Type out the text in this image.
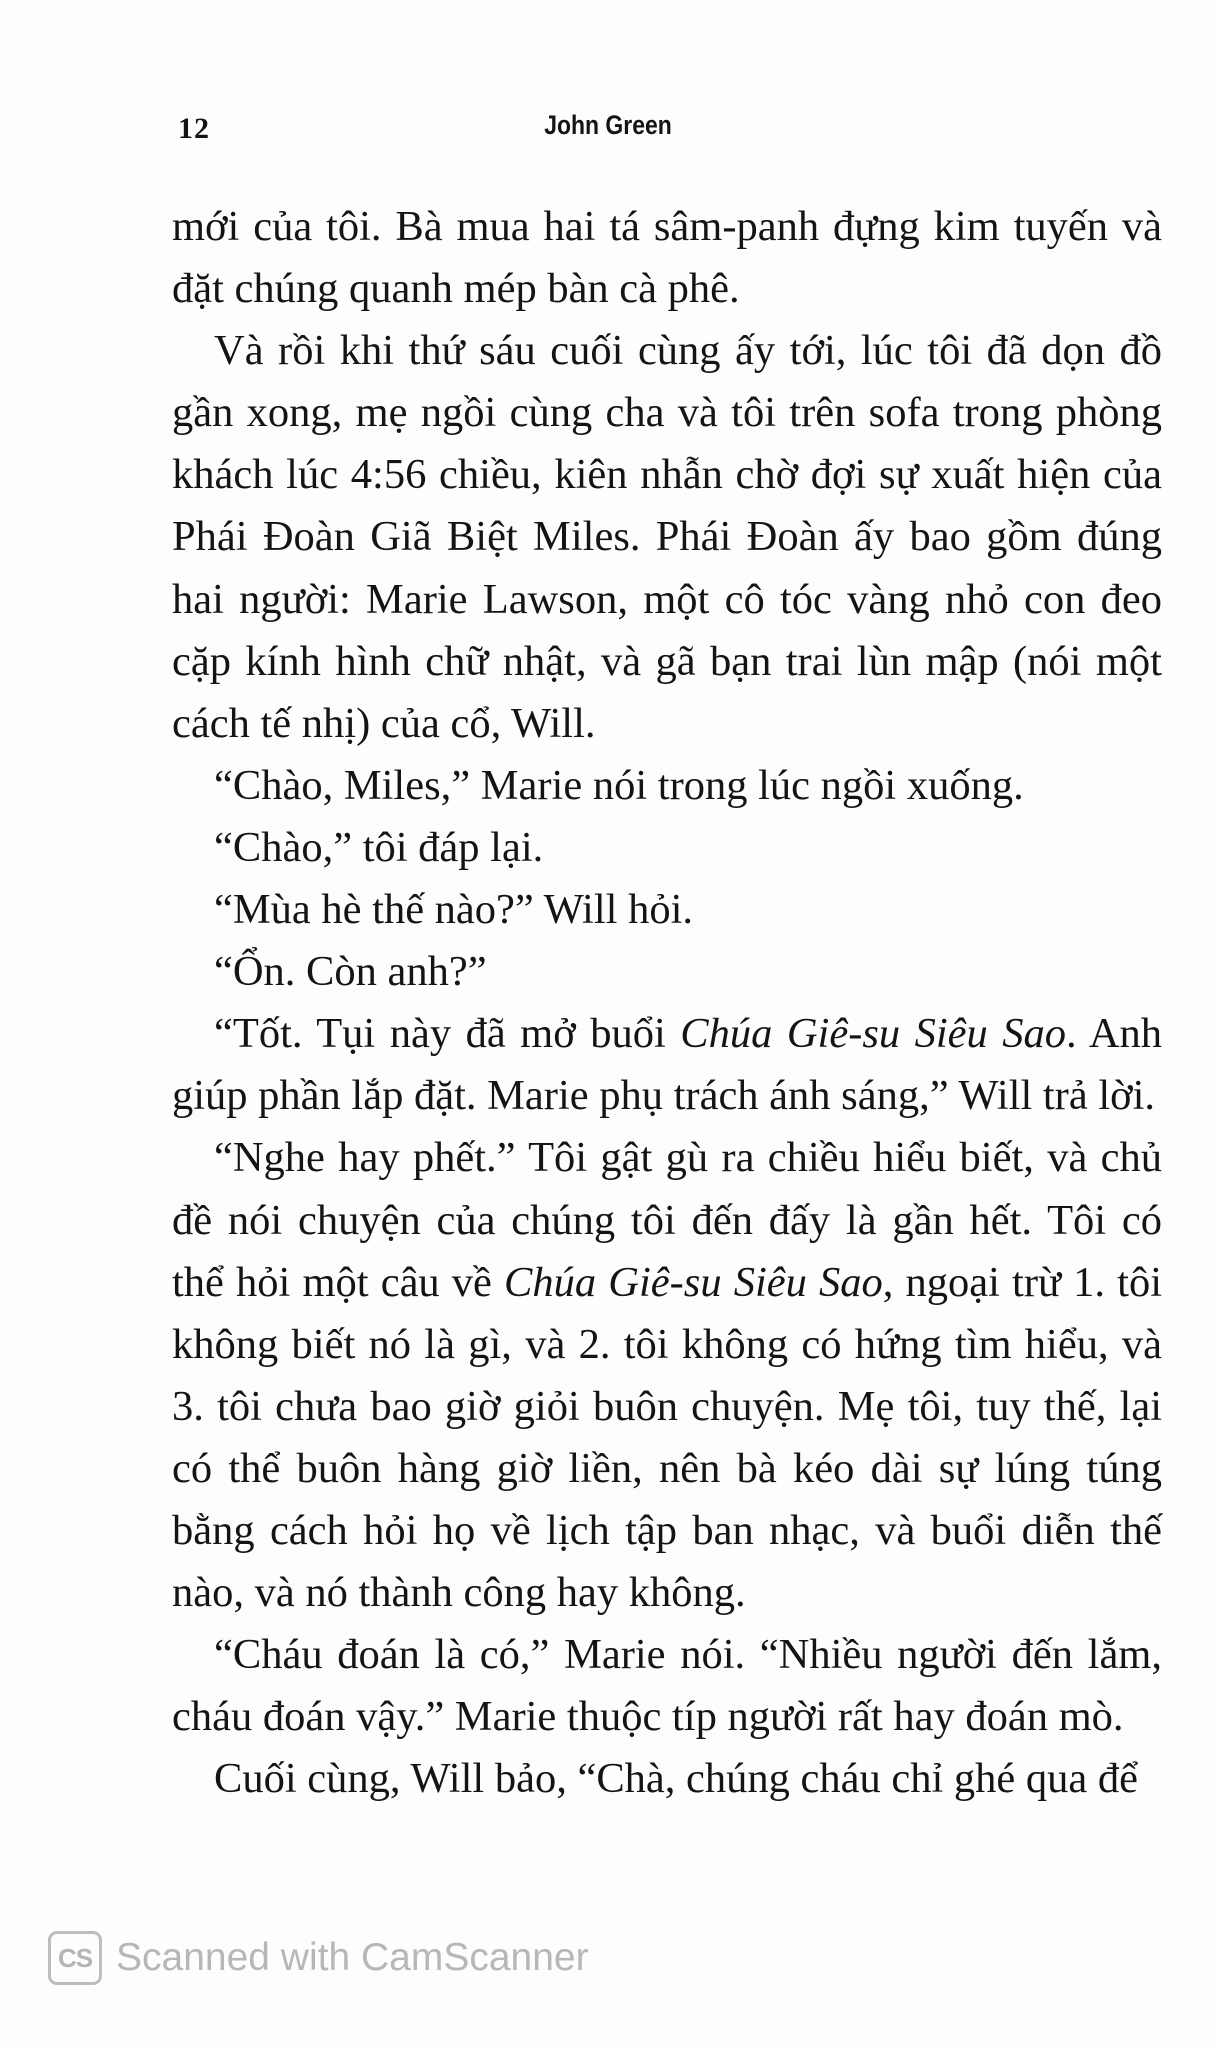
12	John Green

mới của tôi. Bà mua hai tá sâm-panh đựng kim tuyến và đặt chúng quanh mép bàn cà phê.

Và rồi khi thứ sáu cuối cùng ấy tới, lúc tôi đã dọn đồ gần xong, mẹ ngồi cùng cha và tôi trên sofa trong phòng khách lúc 4:56 chiều, kiên nhẫn chờ đợi sự xuất hiện của Phái Đoàn Giã Biệt Miles. Phái Đoàn ấy bao gồm đúng hai người: Marie Lawson, một cô tóc vàng nhỏ con đeo cặp kính hình chữ nhật, và gã bạn trai lùn mập (nói một cách tế nhị) của cổ, Will.

“Chào, Miles,” Marie nói trong lúc ngồi xuống.

“Chào,” tôi đáp lại.

“Mùa hè thế nào?” Will hỏi.

“Ổn. Còn anh?”

“Tốt. Tụi này đã mở buổi Chúa Giê-su Siêu Sao. Anh giúp phần lắp đặt. Marie phụ trách ánh sáng,” Will trả lời.

“Nghe hay phết.” Tôi gật gù ra chiều hiểu biết, và chủ đề nói chuyện của chúng tôi đến đấy là gần hết. Tôi có thể hỏi một câu về Chúa Giê-su Siêu Sao, ngoại trừ 1. tôi không biết nó là gì, và 2. tôi không có hứng tìm hiểu, và 3. tôi chưa bao giờ giỏi buôn chuyện. Mẹ tôi, tuy thế, lại có thể buôn hàng giờ liền, nên bà kéo dài sự lúng túng bằng cách hỏi họ về lịch tập ban nhạc, và buổi diễn thế nào, và nó thành công hay không.

“Cháu đoán là có,” Marie nói. “Nhiều người đến lắm, cháu đoán vậy.” Marie thuộc típ người rất hay đoán mò.

Cuối cùng, Will bảo, “Chà, chúng cháu chỉ ghé qua để

CS Scanned with CamScanner
